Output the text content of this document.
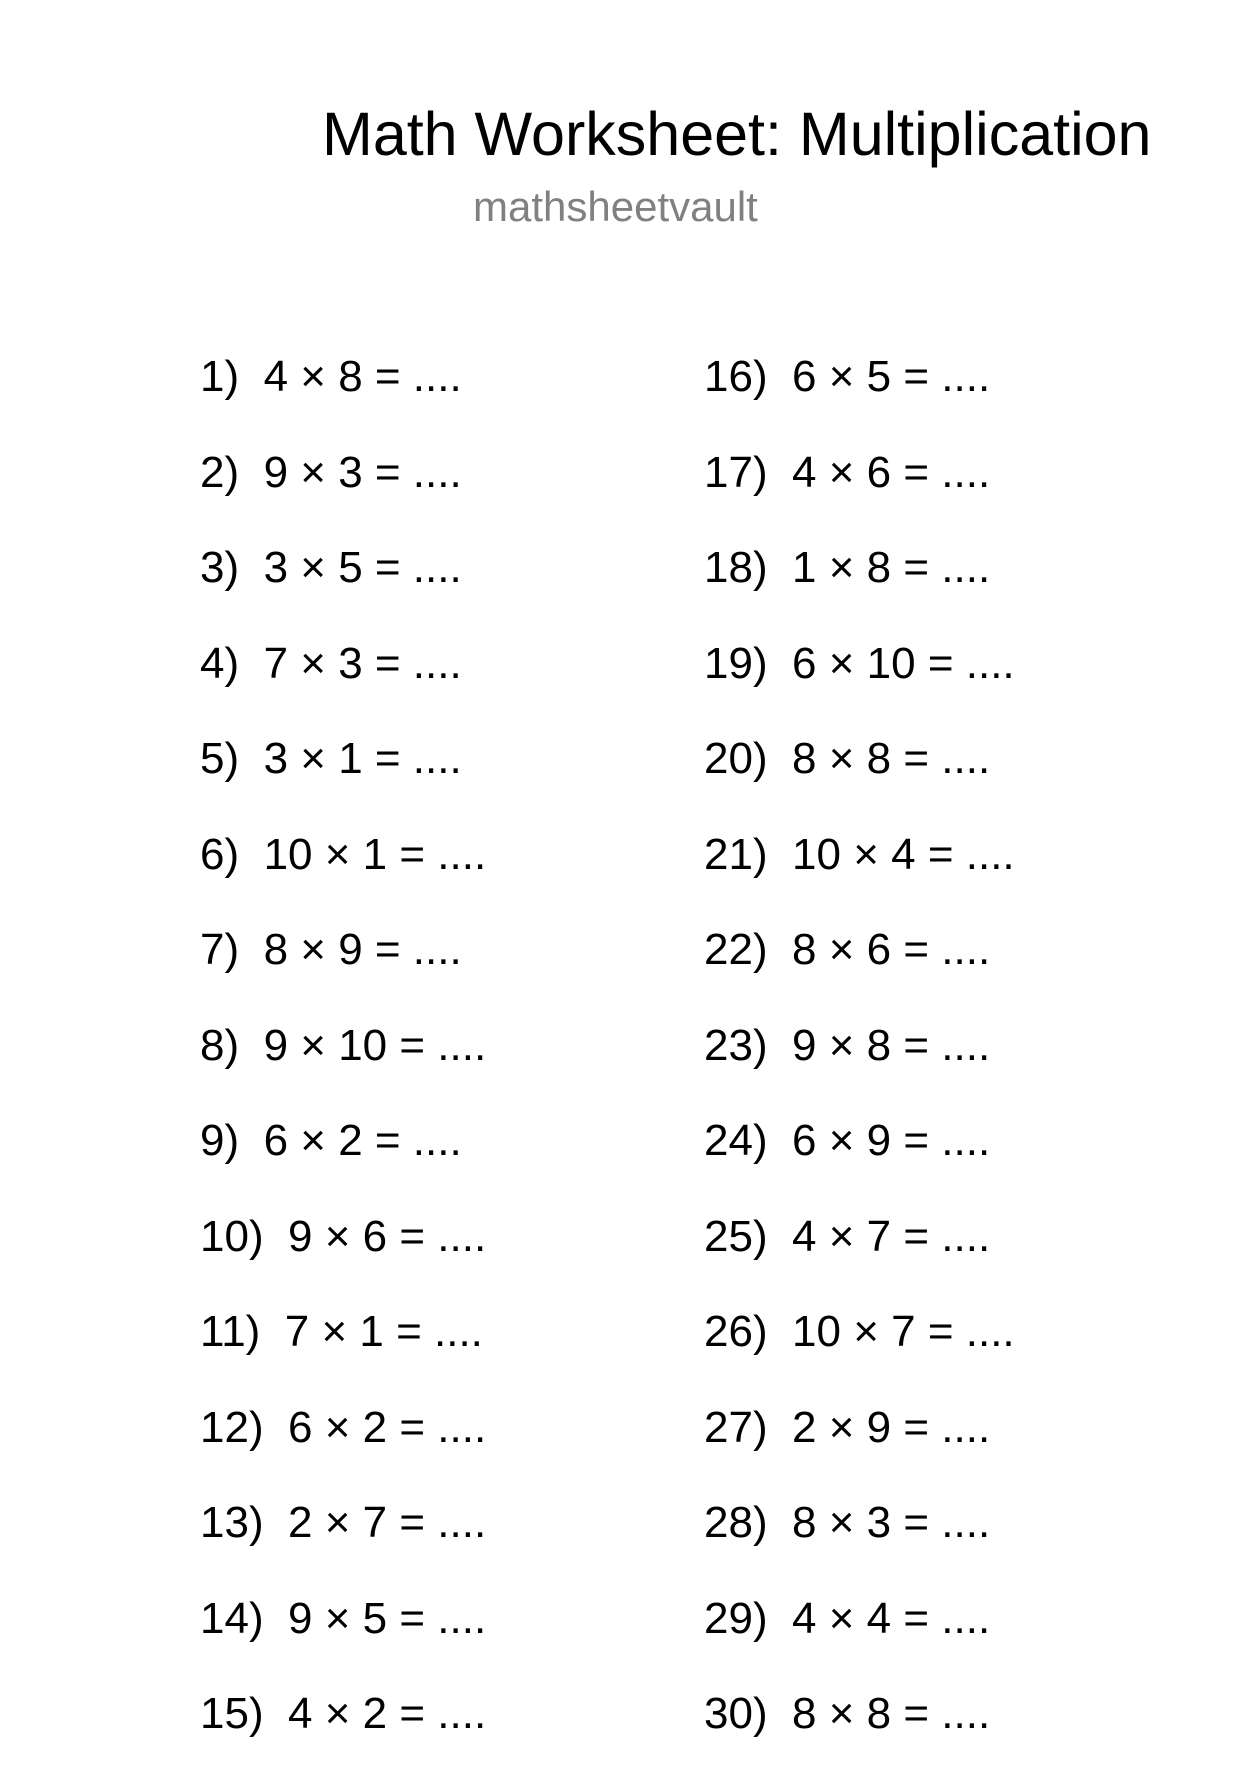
Math Worksheet: Multiplication
mathsheetvault
1) 4 × 8 = ....
2) 9 × 3 = ....
3) 3 × 5 = ....
4) 7 × 3 = ....
5) 3 × 1 = ....
6) 10 × 1 = ....
7) 8 × 9 = ....
8) 9 × 10 = ....
9) 6 × 2 = ....
10) 9 × 6 = ....
11) 7 × 1 = ....
12) 6 × 2 = ....
13) 2 × 7 = ....
14) 9 × 5 = ....
15) 4 × 2 = ....
16) 6 × 5 = ....
17) 4 × 6 = ....
18) 1 × 8 = ....
19) 6 × 10 = ....
20) 8 × 8 = ....
21) 10 × 4 = ....
22) 8 × 6 = ....
23) 9 × 8 = ....
24) 6 × 9 = ....
25) 4 × 7 = ....
26) 10 × 7 = ....
27) 2 × 9 = ....
28) 8 × 3 = ....
29) 4 × 4 = ....
30) 8 × 8 = ....
